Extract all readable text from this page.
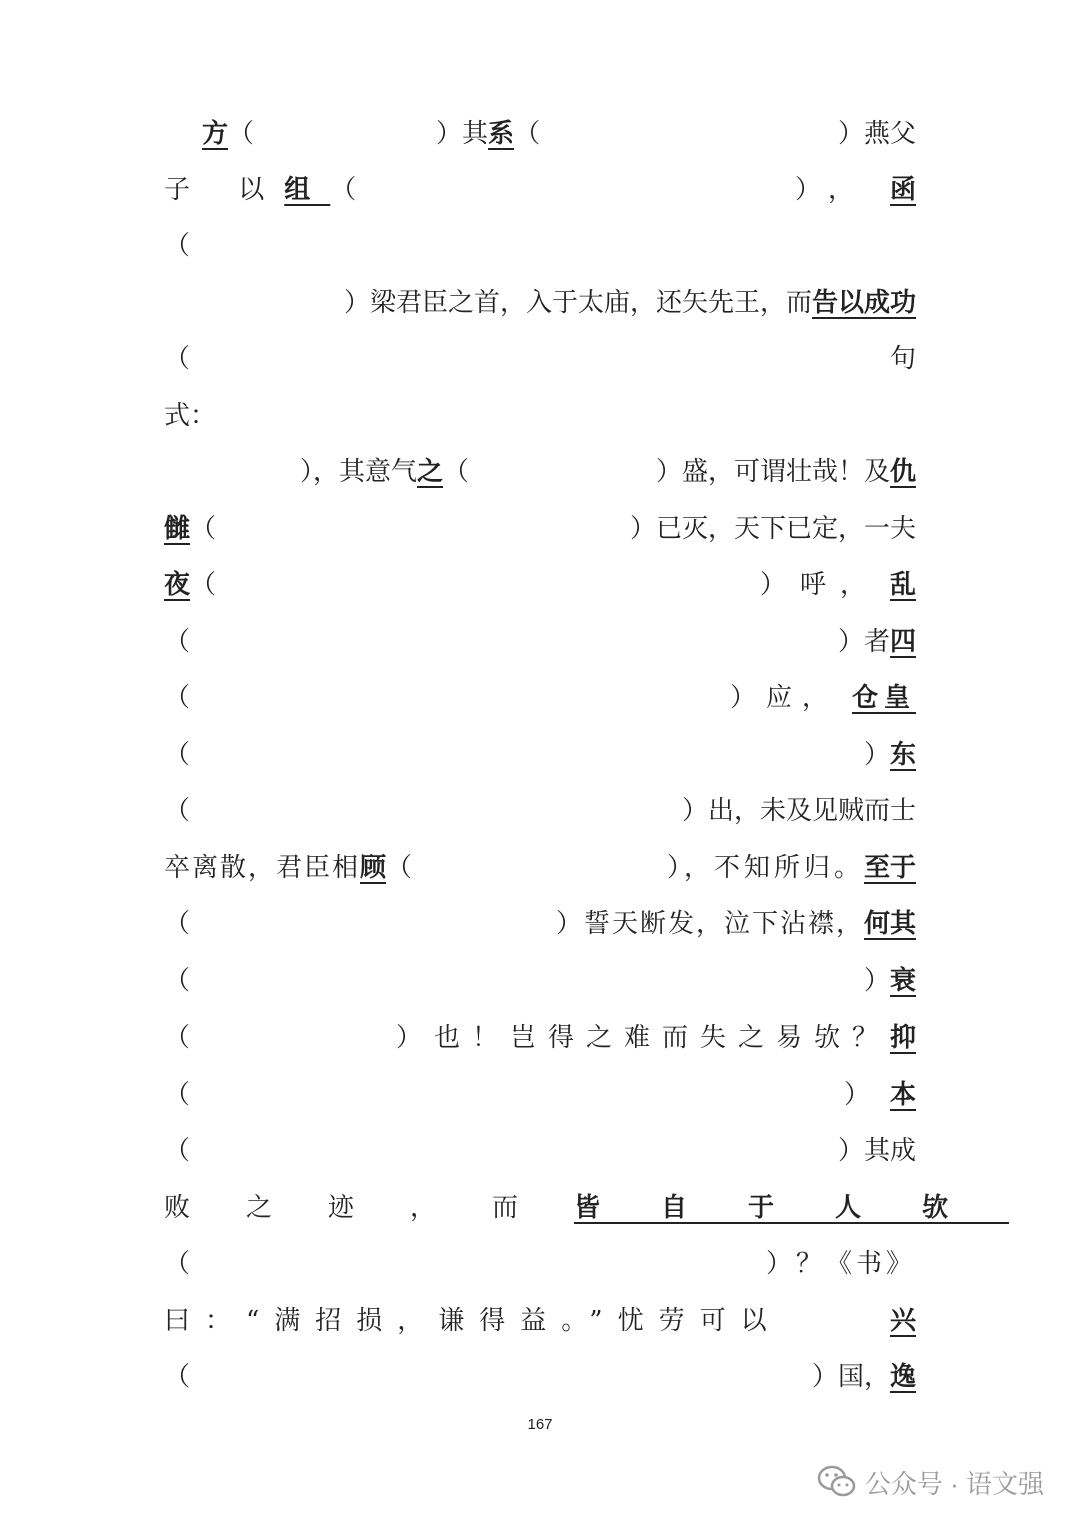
方 （	）其 系 （	）燕父
子 以 组 （	）， 函
（
）梁君臣之首，入于太庙，还矢先王，而 告以成功
（	句
式：
），其意气 之 （	）盛，可谓壮哉！及 仇
雠 （	）已灭，天下已定，一夫
夜 （	）呼， 乱
（	）者 四
（	）应， 仓皇
（	） 东
（	）出，未及见贼而士
卒离散，君臣相 顾 （	），不知所归。 至于
（	）誓天断发，泣下沾襟， 何其
（	） 衰
（	）也！岂得之难而失之易欤？ 抑
（	） 本
（	）其成
败之迹，而 皆自于人欤
（	）？《书》
曰：“满招损，谦得益。”忧劳可以	兴
（	）国， 逸
167
公众号 · 语文强
